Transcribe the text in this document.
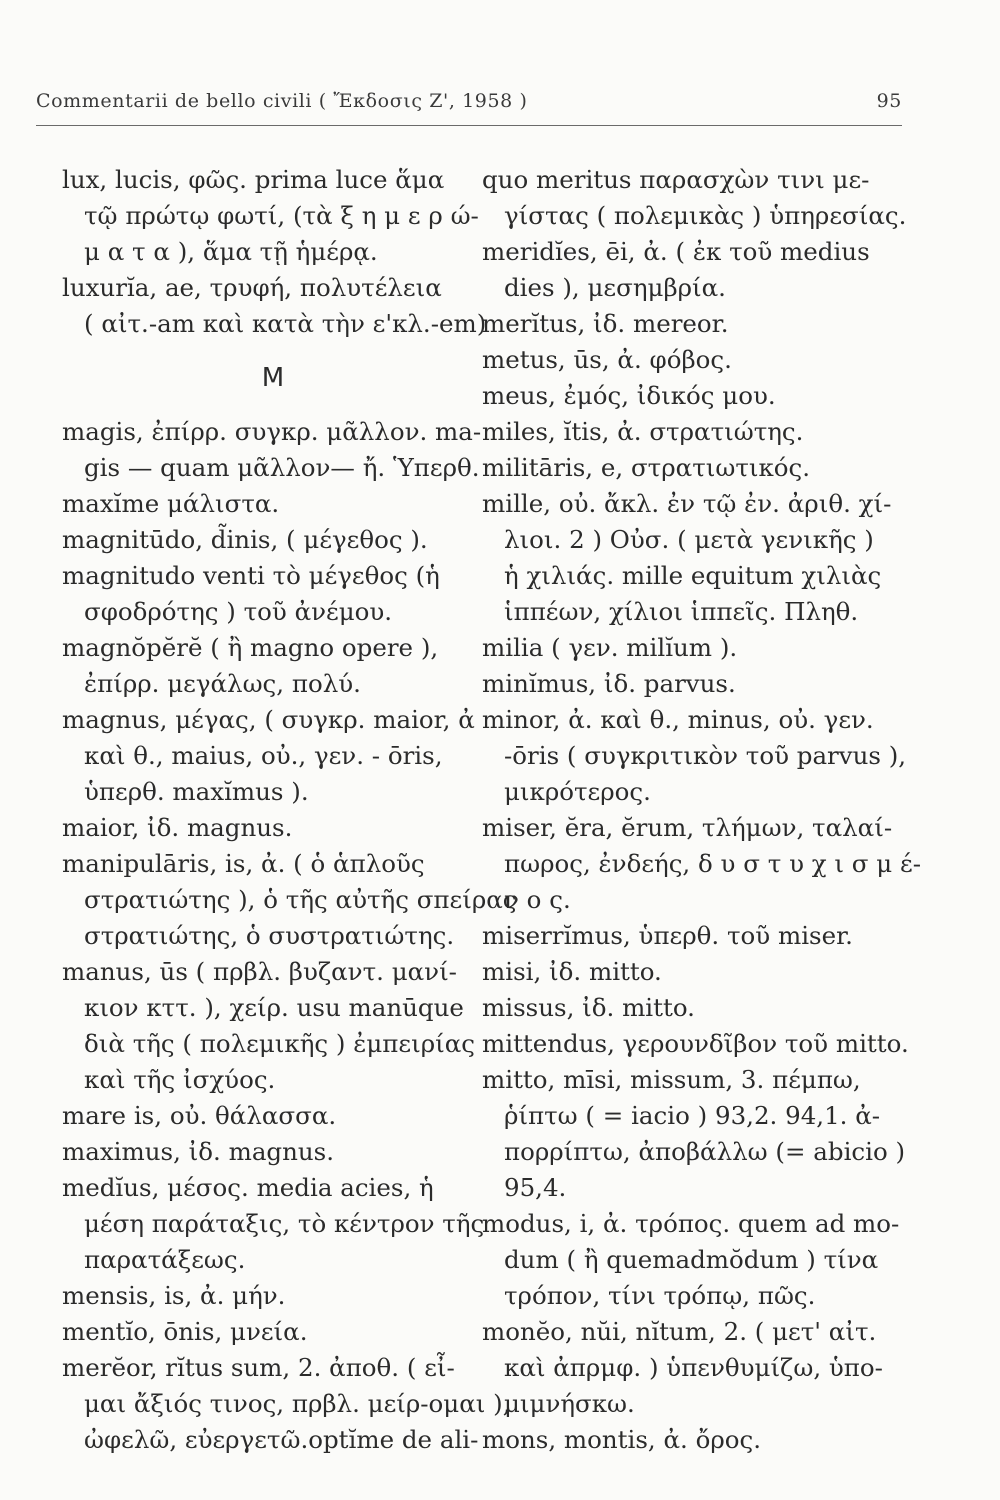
Commentarii de bello civili ( Ἔκδοσις Ζ', 1958 )	95
lux, lucis, φῶς. prima luce ἅμα
τῷ πρώτῳ φωτί, (τὰ ξ η μ ε ρ ώ-
μ α τ α ), ἅμα τῇ ἡμέρᾳ.
luxurĭa, ae, τρυφή, πολυτέλεια
( αἰτ.-am καὶ κατὰ τὴν ε'κλ.-em)
M
magis, ἐπίρρ. συγκρ. μᾶλλον. ma-
gis — quam μᾶλλον— ἤ. Ὑπερθ.
maxĭme μάλιστα.
magnitūdo, d̃inis, ( μέγεθος ).
magnitudo venti τὸ μέγεθος (ἡ
σφοδρότης ) τοῦ ἀνέμου.
magnŏpĕrĕ ( ἢ magno opere ),
ἐπίρρ. μεγάλως, πολύ.
magnus, μέγας, ( συγκρ. maior, ἀ
καὶ θ., maius, οὐ., γεν. - ōris,
ὑπερθ. maxĭmus ).
maior, ἰδ. magnus.
manipulāris, is, ἀ. ( ὁ ἁπλοῦς
στρατιώτης ), ὁ τῆς αὐτῆς σπείρας
στρατιώτης, ὁ συστρατιώτης.
manus, ūs ( πρβλ. βυζαντ. μανί-
κιον κττ. ), χείρ. usu manūque
διὰ τῆς ( πολεμικῆς ) ἐμπειρίας
καὶ τῆς ἰσχύος.
mare is, οὐ. θάλασσα.
maximus, ἰδ. magnus.
medĭus, μέσος. media acies, ἡ
μέση παράταξις, τὸ κέντρον τῆς
παρατάξεως.
mensis, is, ἀ. μήν.
mentĭo, ōnis, μνεία.
merĕor, rĭtus sum, 2. ἀποθ. ( εἶ-
μαι ἄξιός τινος, πρβλ. μείρ-ομαι ),
ὠφελῶ, εὐεργετῶ.optĭme de ali-
quo meritus παρασχὼν τινι με-
γίστας ( πολεμικὰς ) ὑπηρεσίας.
meridĭes, ēi, ἀ. ( ἐκ τοῦ medius
dies ), μεσημβρία.
merĭtus, ἰδ. mereor.
metus, ūs, ἀ. φόβος.
meus, ἐμός, ἰδικός μου.
miles, ĭtis, ἀ. στρατιώτης.
militāris, e, στρατιωτικός.
mille, οὐ. ἄκλ. ἐν τῷ ἐν. ἀριθ. χί-
λιοι. 2 ) Οὐσ. ( μετὰ γενικῆς )
ἡ χιλιάς. mille equitum χιλιὰς
ἱππέων, χίλιοι ἱππεῖς. Πληθ.
milia ( γεν. milĭum ).
minĭmus, ἰδ. parvus.
minor, ἀ. καὶ θ., minus, οὐ. γεν.
-ōris ( συγκριτικὸν τοῦ parvus ),
μικρότερος.
miser, ĕra, ĕrum, τλήμων, ταλαί-
πωρος, ἐνδεής, δ υ σ τ υ χ ι σ μ έ-
ν ο ς.
miserrĭmus, ὑπερθ. τοῦ miser.
misi, ἰδ. mitto.
missus, ἰδ. mitto.
mittendus, γερουνδῖβον τοῦ mitto.
mitto, mīsi, missum, 3. πέμπω,
ῥίπτω ( = iacio ) 93,2. 94,1. ἀ-
πορρίπτω, ἀποβάλλω (= abicio )
95,4.
modus, i, ἀ. τρόπος. quem ad mo-
dum ( ἢ quemadmŏdum ) τίνα
τρόπον, τίνι τρόπῳ, πῶς.
monĕo, nŭi, nĭtum, 2. ( μετ' αἰτ.
καὶ ἀπρμφ. ) ὑπενθυμίζω, ὑπο-
μιμνήσκω.
mons, montis, ἀ. ὄρος.
